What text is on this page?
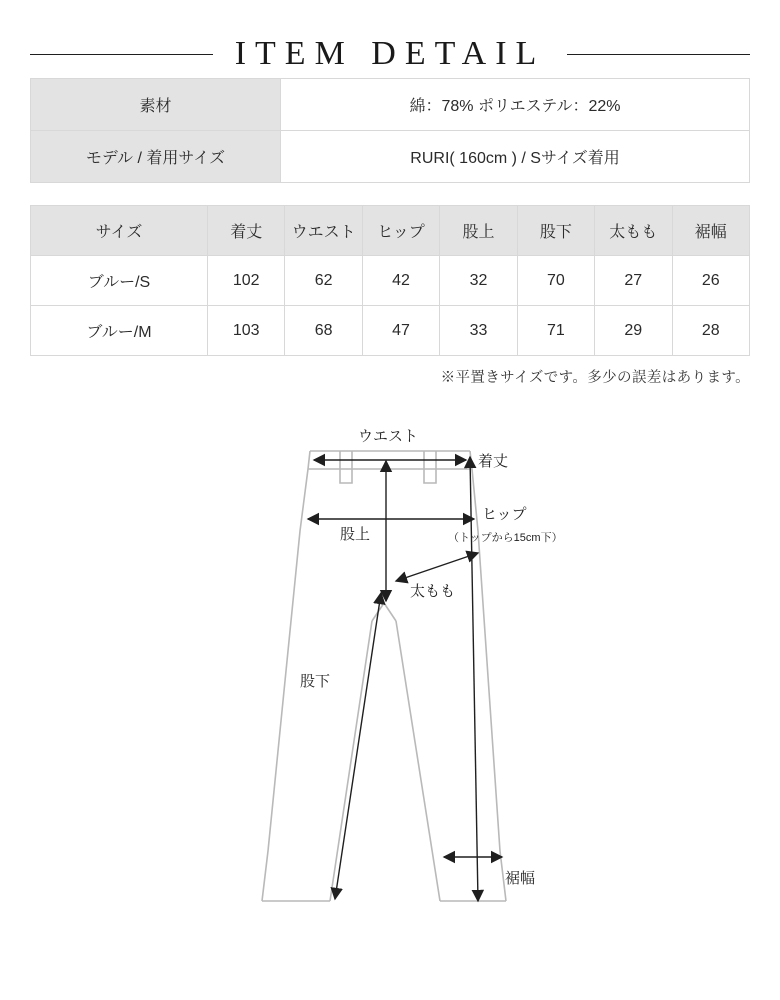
ITEM DETAIL
素材	綿：78% ポリエステル：22%
モデル / 着用サイズ	RURI( 160cm ) / Sサイズ着用
サイズ	着丈	ウエスト	ヒップ	股上	股下	太もも	裾幅
ブルー/S	102	62	42	32	70	27	26
ブルー/M	103	68	47	33	71	29	28
※平置きサイズです。多少の誤差はあります。
ウエスト
着丈
ヒップ
（トップから15cm下）
股上
太もも
股下
裾幅
